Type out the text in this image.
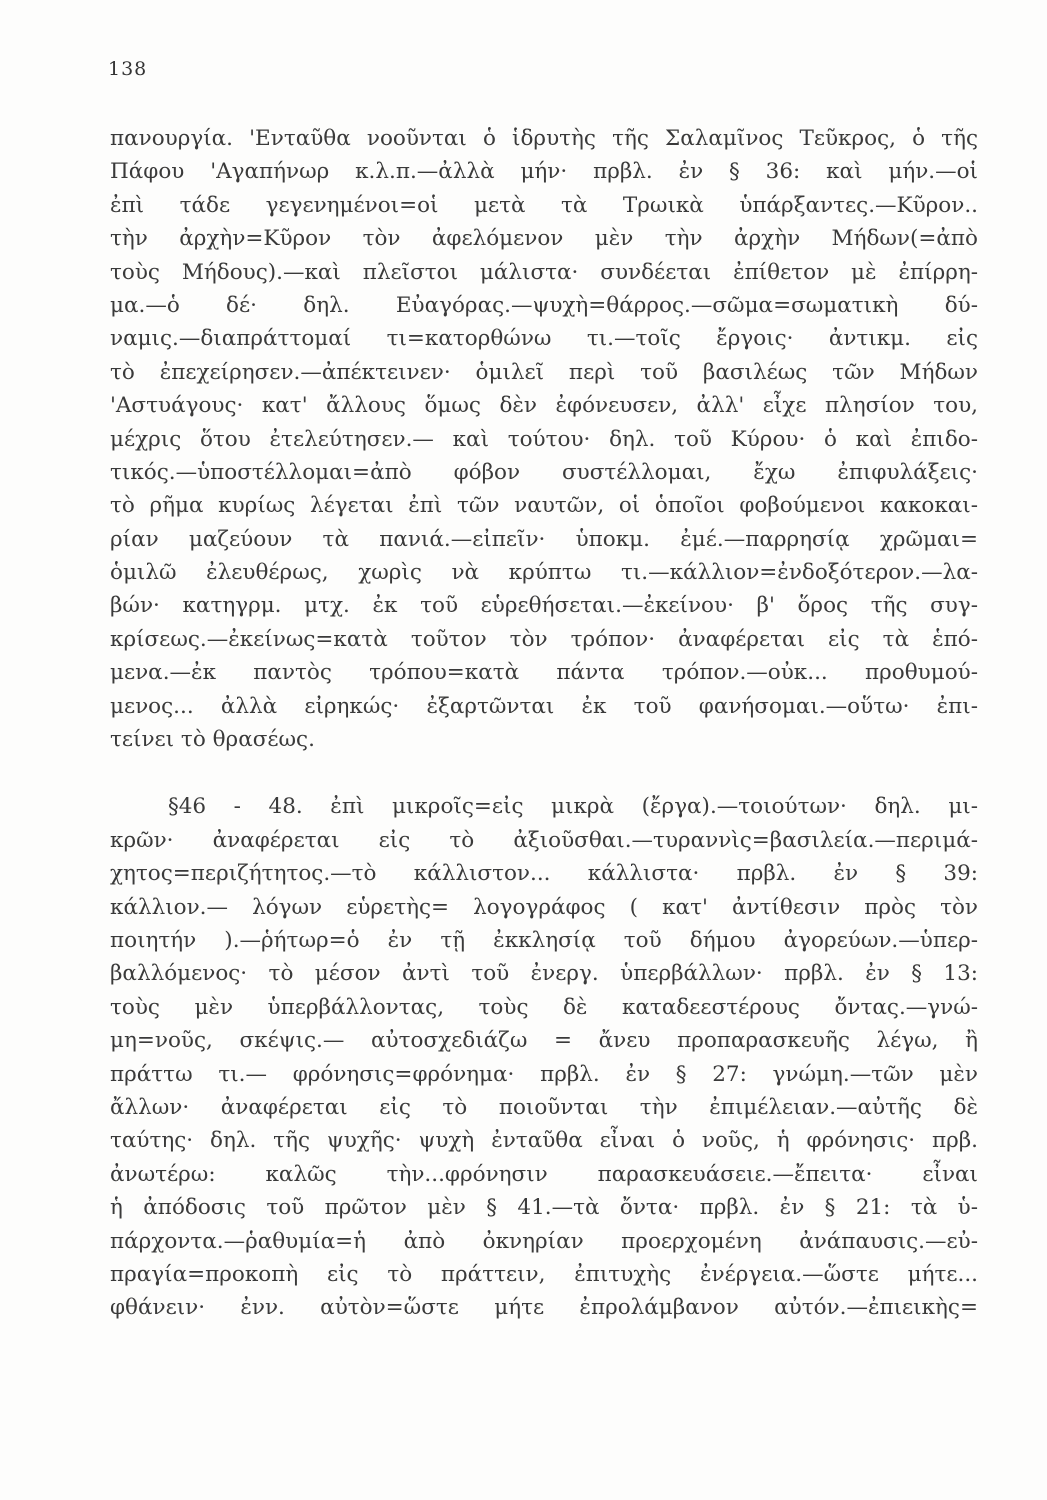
138
πανουργία. 'Ενταῦθα νοοῦνται ὁ ἱδρυτὴς τῆς Σαλαμῖνος Τεῦκρος, ὁ τῆς
Πάφου 'Αγαπήνωρ κ.λ.π.—ἀλλὰ μήν· πρβλ. ἐν § 36: καὶ μήν.—οἱ
ἐπὶ τάδε γεγενημένοι=οἱ μετὰ τὰ Τρωικὰ ὑπάρξαντες.—Κῦρον..
τὴν ἀρχὴν=Κῦρον τὸν ἀφελόμενον μὲν τὴν ἀρχὴν Μήδων(=ἀπὸ
τοὺς Μήδους).—καὶ πλεῖστοι μάλιστα· συνδέεται ἐπίθετον μὲ ἐπίρρη-
μα.—ὁ δέ· δηλ. Εὐαγόρας.—ψυχὴ=θάρρος.—σῶμα=σωματικὴ δύ-
ναμις.—διαπράττομαί τι=κατορθώνω τι.—τοῖς ἔργοις· ἀντικμ. εἰς
τὸ ἐπεχείρησεν.—ἀπέκτεινεν· ὁμιλεῖ περὶ τοῦ βασιλέως τῶν Μήδων
'Αστυάγους· κατ' ἄλλους ὅμως δὲν ἐφόνευσεν, ἀλλ' εἶχε πλησίον του,
μέχρις ὅτου ἐτελεύτησεν.— καὶ τούτου· δηλ. τοῦ Κύρου· ὁ καὶ ἐπιδο-
τικός.—ὑποστέλλομαι=ἀπὸ φόβον συστέλλομαι, ἔχω ἐπιφυλάξεις·
τὸ ρῆμα κυρίως λέγεται ἐπὶ τῶν ναυτῶν, οἱ ὁποῖοι φοβούμενοι κακοκαι-
ρίαν μαζεύουν τὰ πανιά.—εἰπεῖν· ὑποκμ. ἐμέ.—παρρησίᾳ χρῶμαι=
ὁμιλῶ ἐλευθέρως, χωρὶς νὰ κρύπτω τι.—κάλλιον=ἐνδοξότερον.—λα-
βών· κατηγρμ. μτχ. ἐκ τοῦ εὑρεθήσεται.—ἐκείνου· β' ὅρος τῆς συγ-
κρίσεως.—ἐκείνως=κατὰ τοῦτον τὸν τρόπον· ἀναφέρεται εἰς τὰ ἑπό-
μενα.—ἐκ παντὸς τρόπου=κατὰ πάντα τρόπον.—οὐκ... προθυμού-
μενος... ἀλλὰ εἰρηκώς· ἐξαρτῶνται ἐκ τοῦ φανήσομαι.—οὕτω· ἐπι-
τείνει τὸ θρασέως.
§46 - 48. ἐπὶ μικροῖς=εἰς μικρὰ (ἔργα).—τοιούτων· δηλ. μι-
κρῶν· ἀναφέρεται εἰς τὸ ἀξιοῦσθαι.—τυραννὶς=βασιλεία.—περιμά-
χητος=περιζήτητος.—τὸ κάλλιστον... κάλλιστα· πρβλ. ἐν § 39:
κάλλιον.— λόγων εὑρετὴς= λογογράφος ( κατ' ἀντίθεσιν πρὸς τὸν
ποιητήν ).—ῥήτωρ=ὁ ἐν τῇ ἐκκλησίᾳ τοῦ δήμου ἀγορεύων.—ὑπερ-
βαλλόμενος· τὸ μέσον ἀντὶ τοῦ ἐνεργ. ὑπερβάλλων· πρβλ. ἐν § 13:
τοὺς μὲν ὑπερβάλλοντας, τοὺς δὲ καταδεεστέρους ὄντας.—γνώ-
μη=νοῦς, σκέψις.— αὐτοσχεδιάζω = ἄνευ προπαρασκευῆς λέγω, ἢ
πράττω τι.— φρόνησις=φρόνημα· πρβλ. ἐν § 27: γνώμη.—τῶν μὲν
ἄλλων· ἀναφέρεται εἰς τὸ ποιοῦνται τὴν ἐπιμέλειαν.—αὐτῆς δὲ
ταύτης· δηλ. τῆς ψυχῆς· ψυχὴ ἐνταῦθα εἶναι ὁ νοῦς, ἡ φρόνησις· πρβ.
ἀνωτέρω: καλῶς τὴν...φρόνησιν παρασκευάσειε.—ἔπειτα· εἶναι
ἡ ἀπόδοσις τοῦ πρῶτον μὲν § 41.—τὰ ὄντα· πρβλ. ἐν § 21: τὰ ὑ-
πάρχοντα.—ῥαθυμία=ἡ ἀπὸ ὀκνηρίαν προερχομένη ἀνάπαυσις.—εὐ-
πραγία=προκοπὴ εἰς τὸ πράττειν, ἐπιτυχὴς ἐνέργεια.—ὥστε μήτε...
φθάνειν· ἐνν. αὐτὸν=ὥστε μήτε ἐπρολάμβανον αὐτόν.—ἐπιεικὴς=
